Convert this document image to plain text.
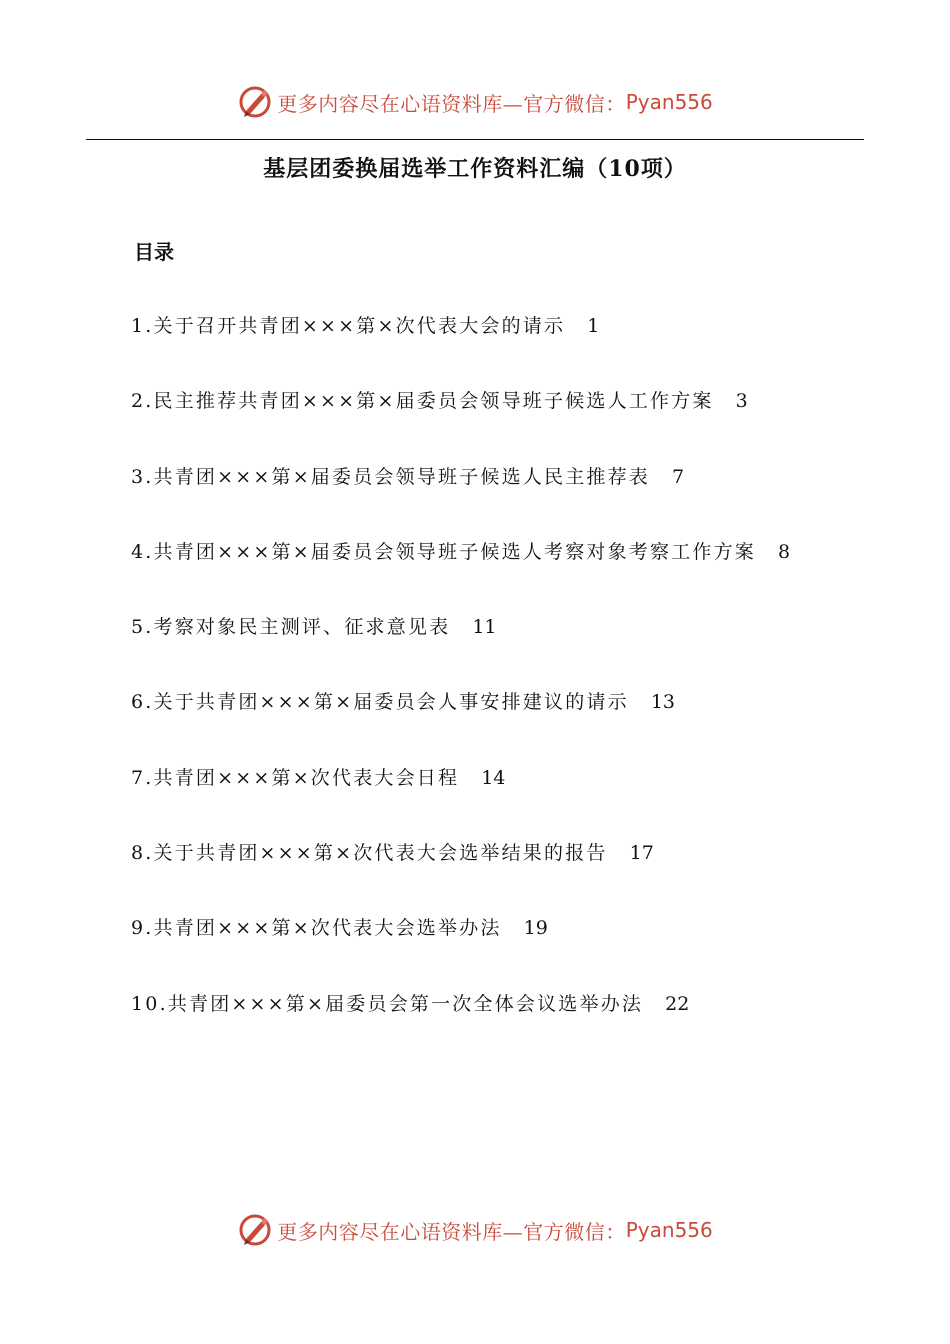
更多内容尽在心语资料库—官方微信： Pyan556
基层团委换届选举工作资料汇编（10项）
目录
1.关于召开共青团×××第×次代表大会的请示 1
2.民主推荐共青团×××第×届委员会领导班子候选人工作方案 3
3.共青团×××第×届委员会领导班子候选人民主推荐表 7
4.共青团×××第×届委员会领导班子候选人考察对象考察工作方案 8
5.考察对象民主测评、征求意见表 11
6.关于共青团×××第×届委员会人事安排建议的请示 13
7.共青团×××第×次代表大会日程 14
8.关于共青团×××第×次代表大会选举结果的报告 17
9.共青团×××第×次代表大会选举办法 19
10.共青团×××第×届委员会第一次全体会议选举办法 22
更多内容尽在心语资料库—官方微信： Pyan556
